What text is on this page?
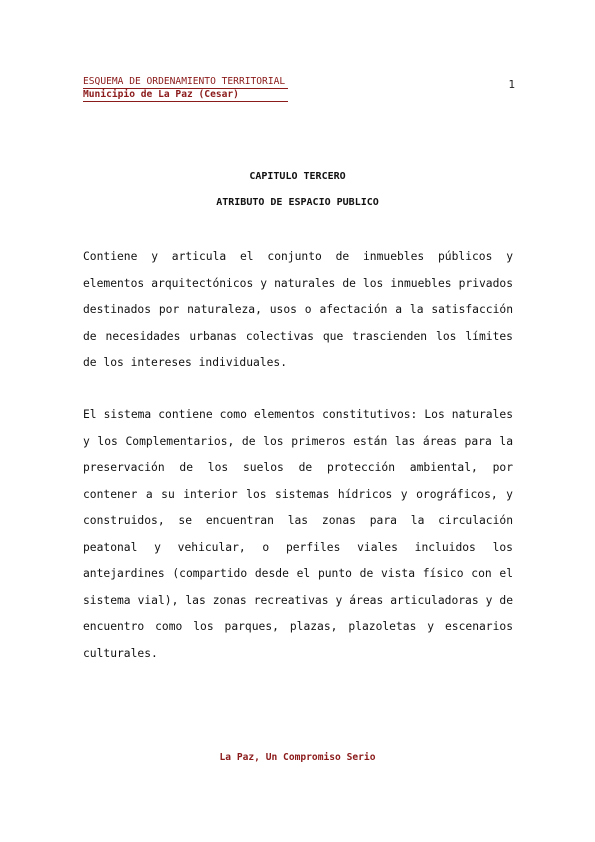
ESQUEMA DE ORDENAMIENTO TERRITORIAL
Municipio de La Paz (Cesar)
1
CAPITULO TERCERO
ATRIBUTO DE ESPACIO PUBLICO

Contiene y articula el conjunto de inmuebles públicos y elementos arquitectónicos y naturales de los inmuebles privados destinados por naturaleza, usos o afectación a la satisfacción de necesidades urbanas colectivas que trascienden los límites de los intereses individuales.

El sistema contiene como elementos constitutivos: Los naturales y los Complementarios, de los primeros están las áreas para la preservación de los suelos de protección ambiental, por contener a su interior los sistemas hídricos y orográficos, y construidos, se encuentran las zonas para la circulación peatonal y vehicular, o perfiles viales incluidos los antejardines (compartido desde el punto de vista físico con el sistema vial), las zonas recreativas y áreas articuladoras y de encuentro como los parques, plazas, plazoletas y escenarios culturales.

La Paz, Un Compromiso Serio
